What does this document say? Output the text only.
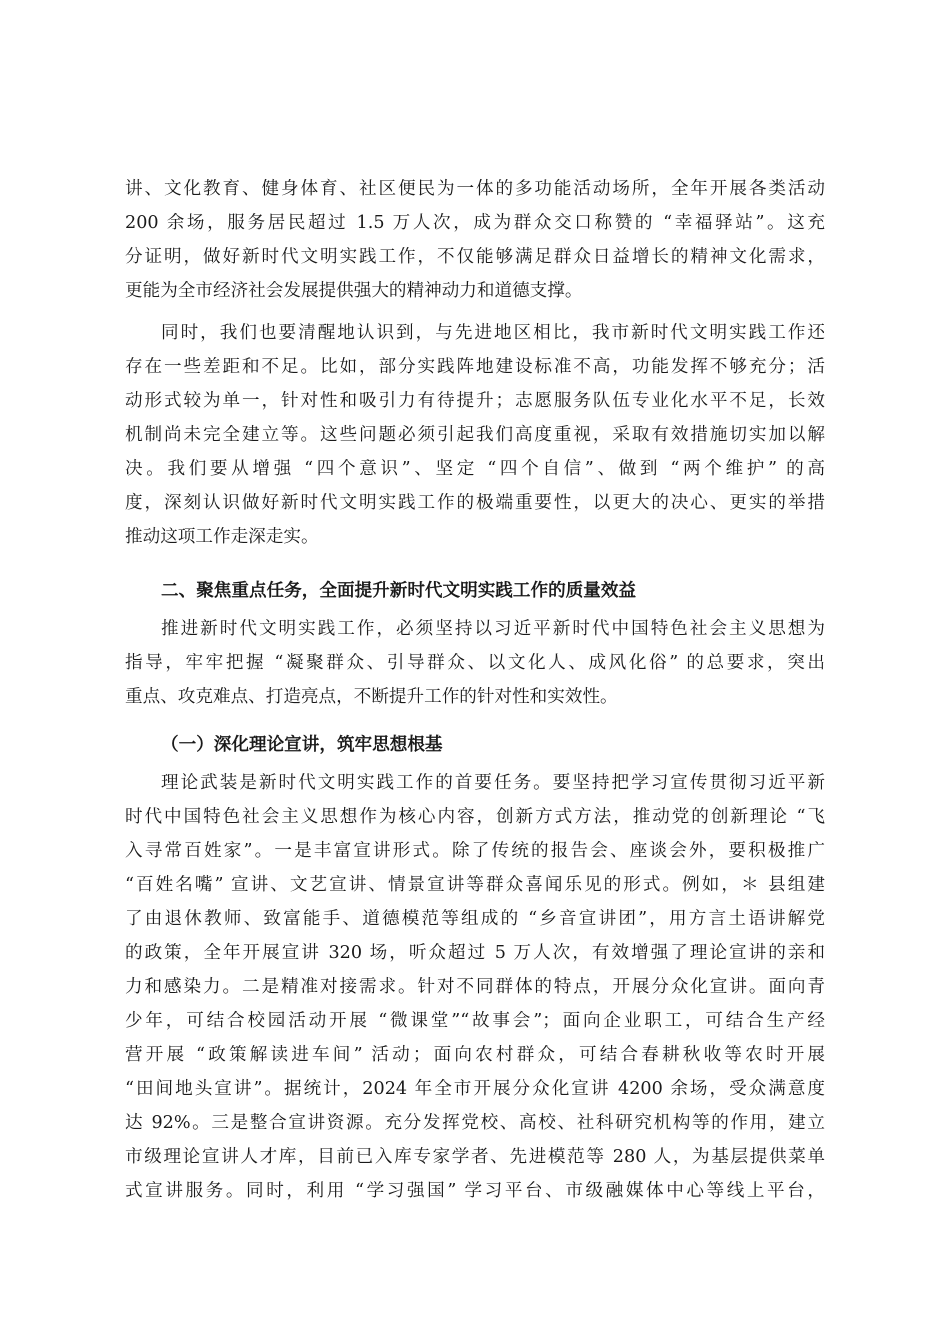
讲、文化教育、健身体育、社区便民为一体的多功能活动场所，全年开展各类活动
200 余场，服务居民超过 1.5 万人次，成为群众交口称赞的 “幸福驿站”。这充
分证明，做好新时代文明实践工作，不仅能够满足群众日益增长的精神文化需求，
更能为全市经济社会发展提供强大的精神动力和道德支撑。
同时，我们也要清醒地认识到，与先进地区相比，我市新时代文明实践工作还
存在一些差距和不足。比如，部分实践阵地建设标准不高，功能发挥不够充分；活
动形式较为单一，针对性和吸引力有待提升；志愿服务队伍专业化水平不足，长效
机制尚未完全建立等。这些问题必须引起我们高度重视，采取有效措施切实加以解
决。我们要从增强 “四个意识”、坚定 “四个自信”、做到 “两个维护” 的高
度，深刻认识做好新时代文明实践工作的极端重要性，以更大的决心、更实的举措
推动这项工作走深走实。
二、聚焦重点任务，全面提升新时代文明实践工作的质量效益
推进新时代文明实践工作，必须坚持以习近平新时代中国特色社会主义思想为
指导，牢牢把握 “凝聚群众、引导群众、以文化人、成风化俗” 的总要求，突出
重点、攻克难点、打造亮点，不断提升工作的针对性和实效性。
（一）深化理论宣讲，筑牢思想根基
理论武装是新时代文明实践工作的首要任务。要坚持把学习宣传贯彻习近平新
时代中国特色社会主义思想作为核心内容，创新方式方法，推动党的创新理论 “飞
入寻常百姓家”。一是丰富宣讲形式。除了传统的报告会、座谈会外，要积极推广
“百姓名嘴” 宣讲、文艺宣讲、情景宣讲等群众喜闻乐见的形式。例如，＊ 县组建
了由退休教师、致富能手、道德模范等组成的 “乡音宣讲团”，用方言土语讲解党
的政策，全年开展宣讲 320 场，听众超过 5 万人次，有效增强了理论宣讲的亲和
力和感染力。二是精准对接需求。针对不同群体的特点，开展分众化宣讲。面向青
少年，可结合校园活动开展 “微课堂”“故事会”；面向企业职工，可结合生产经
营开展 “政策解读进车间” 活动；面向农村群众，可结合春耕秋收等农时开展
“田间地头宣讲”。据统计，2024 年全市开展分众化宣讲 4200 余场，受众满意度
达 92%。三是整合宣讲资源。充分发挥党校、高校、社科研究机构等的作用，建立
市级理论宣讲人才库，目前已入库专家学者、先进模范等 280 人，为基层提供菜单
式宣讲服务。同时，利用 “学习强国” 学习平台、市级融媒体中心等线上平台，
